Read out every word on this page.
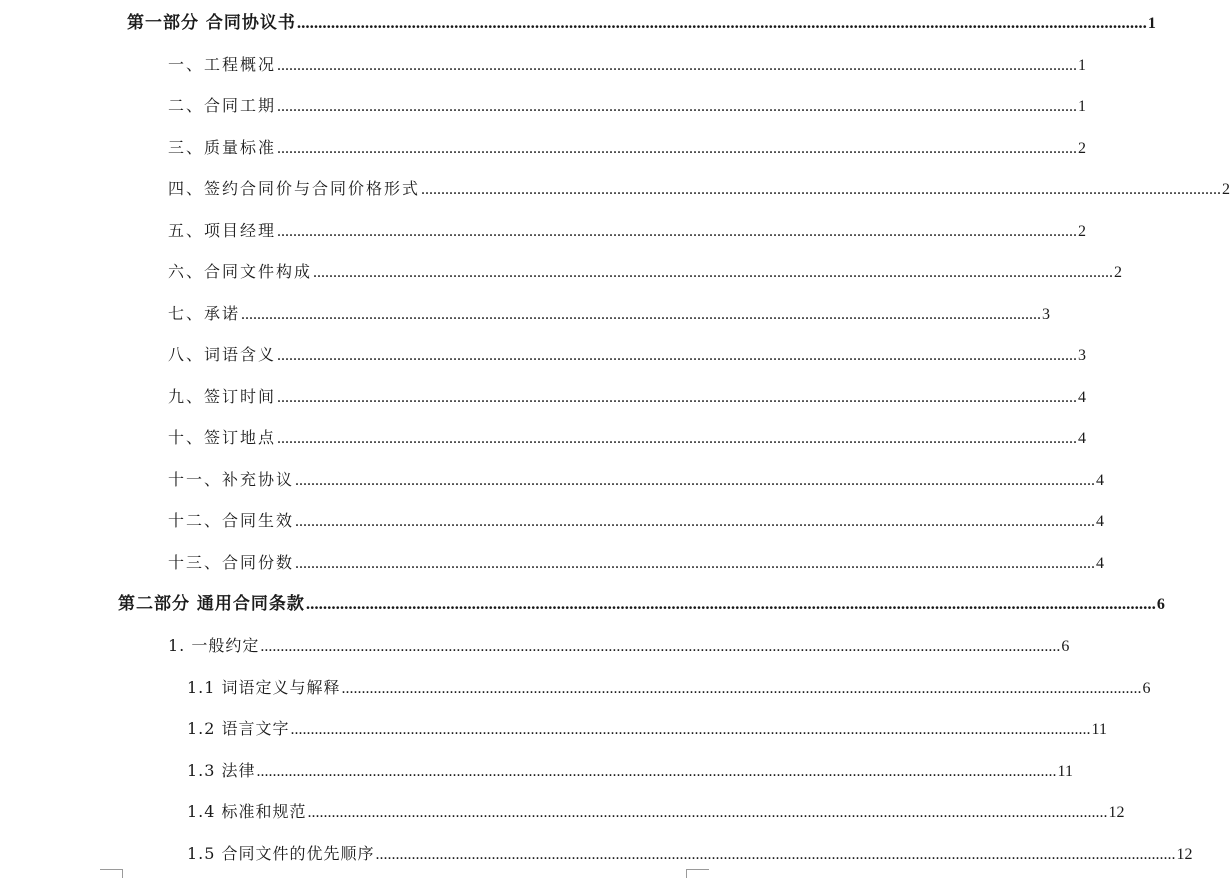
第一部分 合同协议书 ........................................................................................................................................................................................................ 1
一、工程概况 ........................................................................................................................................................................................................ 1
二、合同工期 ........................................................................................................................................................................................................ 1
三、质量标准 ........................................................................................................................................................................................................ 2
四、签约合同价与合同价格形式 ........................................................................................................................................................................................................ 2
五、项目经理 ........................................................................................................................................................................................................ 2
六、合同文件构成 ........................................................................................................................................................................................................ 2
七、承诺 ........................................................................................................................................................................................................ 3
八、词语含义 ........................................................................................................................................................................................................ 3
九、签订时间 ........................................................................................................................................................................................................ 4
十、签订地点 ........................................................................................................................................................................................................ 4
十一、补充协议 ........................................................................................................................................................................................................ 4
十二、合同生效 ........................................................................................................................................................................................................ 4
十三、合同份数 ........................................................................................................................................................................................................ 4
第二部分 通用合同条款 ........................................................................................................................................................................................................ 6
1. 一般约定 ........................................................................................................................................................................................................ 6
1.1 词语定义与解释 ........................................................................................................................................................................................................ 6
1.2 语言文字 ........................................................................................................................................................................................................ 11
1.3 法律 ........................................................................................................................................................................................................ 11
1.4 标准和规范 ........................................................................................................................................................................................................ 12
1.5 合同文件的优先顺序 ........................................................................................................................................................................................................ 12
